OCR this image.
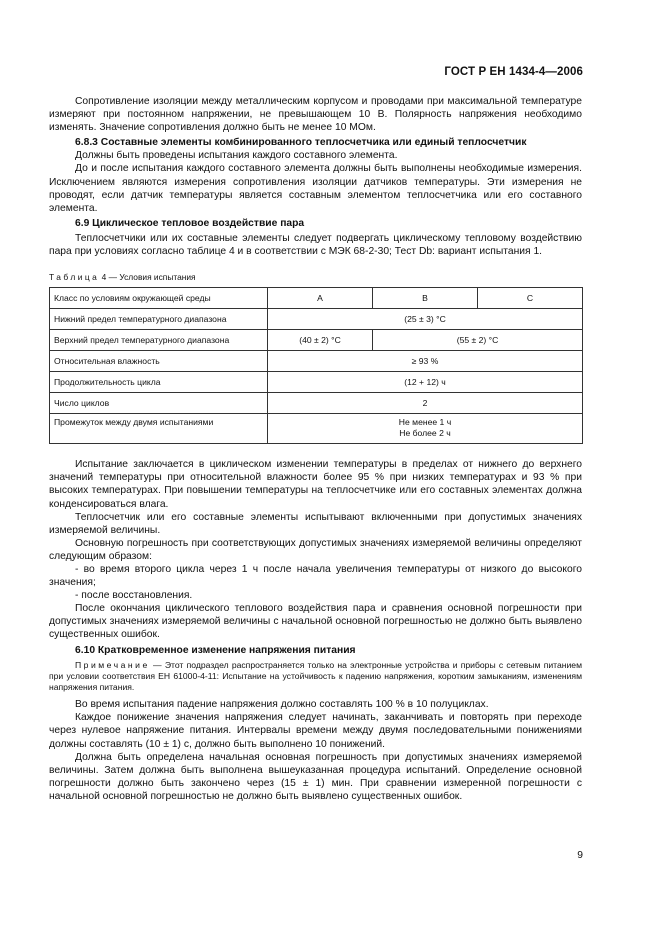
ГОСТ Р ЕН 1434-4—2006

Сопротивление изоляции между металлическим корпусом и проводами при максимальной температуре измеряют при постоянном напряжении, не превышающем 10 В. Полярность напряжения необходимо изменять. Значение сопротивления должно быть не менее 10 МОм.

6.8.3 Составные элементы комбинированного теплосчетчика или единый теплосчетчик

Должны быть проведены испытания каждого составного элемента.

До и после испытания каждого составного элемента должны быть выполнены необходимые измерения. Исключением являются измерения сопротивления изоляции датчиков температуры. Эти измерения не проводят, если датчик температуры является составным элементом теплосчетчика или его составного элемента.

6.9 Циклическое тепловое воздействие пара

Теплосчетчики или их составные элементы следует подвергать циклическому тепловому воздействию пара при условиях согласно таблице 4 и в соответствии с МЭК 68-2-30; Тест Db: вариант испытания 1.

Таблица 4 — Условия испытания

Класс по условиям окружающей среды	A	B	C
Нижний предел температурного диапазона	(25 ± 3) °С		
Верхний предел температурного диапазона	(40 ± 2) °С	(55 ± 2) °С	
Относительная влажность	≥ 93 %		
Продолжительность цикла	(12 + 12) ч		
Число циклов	2		
Промежуток между двумя испытаниями	Не менее 1 ч
Не более 2 ч		

Испытание заключается в циклическом изменении температуры в пределах от нижнего до верхнего значений температуры при относительной влажности более 95 % при низких температурах и 93 % при высоких температурах. При повышении температуры на теплосчетчике или его составных элементах должна конденсироваться влага.

Теплосчетчик или его составные элементы испытывают включенными при допустимых значениях измеряемой величины.

Основную погрешность при соответствующих допустимых значениях измеряемой величины определяют следующим образом:

- во время второго цикла через 1 ч после начала увеличения температуры от низкого до высокого значения;

- после восстановления.

После окончания циклического теплового воздействия пара и сравнения основной погрешности при допустимых значениях измеряемой величины с начальной основной погрешностью не должно быть выявлено существенных ошибок.

6.10 Кратковременное изменение напряжения питания

Примечание — Этот подраздел распространяется только на электронные устройства и приборы с сетевым питанием при условии соответствия ЕН 61000-4-11: Испытание на устойчивость к падению напряжения, коротким замыканиям, изменениям напряжения питания.

Во время испытания падение напряжения должно составлять 100 % в 10 полуциклах.

Каждое понижение значения напряжения следует начинать, заканчивать и повторять при переходе через нулевое напряжение питания. Интервалы времени между двумя последовательными понижениями должны составлять (10 ± 1) с, должно быть выполнено 10 понижений.

Должна быть определена начальная основная погрешность при допустимых значениях измеряемой величины. Затем должна быть выполнена вышеуказанная процедура испытаний. Определение основной погрешности должно быть закончено через (15 ± 1) мин. При сравнении измеренной погрешности с начальной основной погрешностью не должно быть выявлено существенных ошибок.

9
